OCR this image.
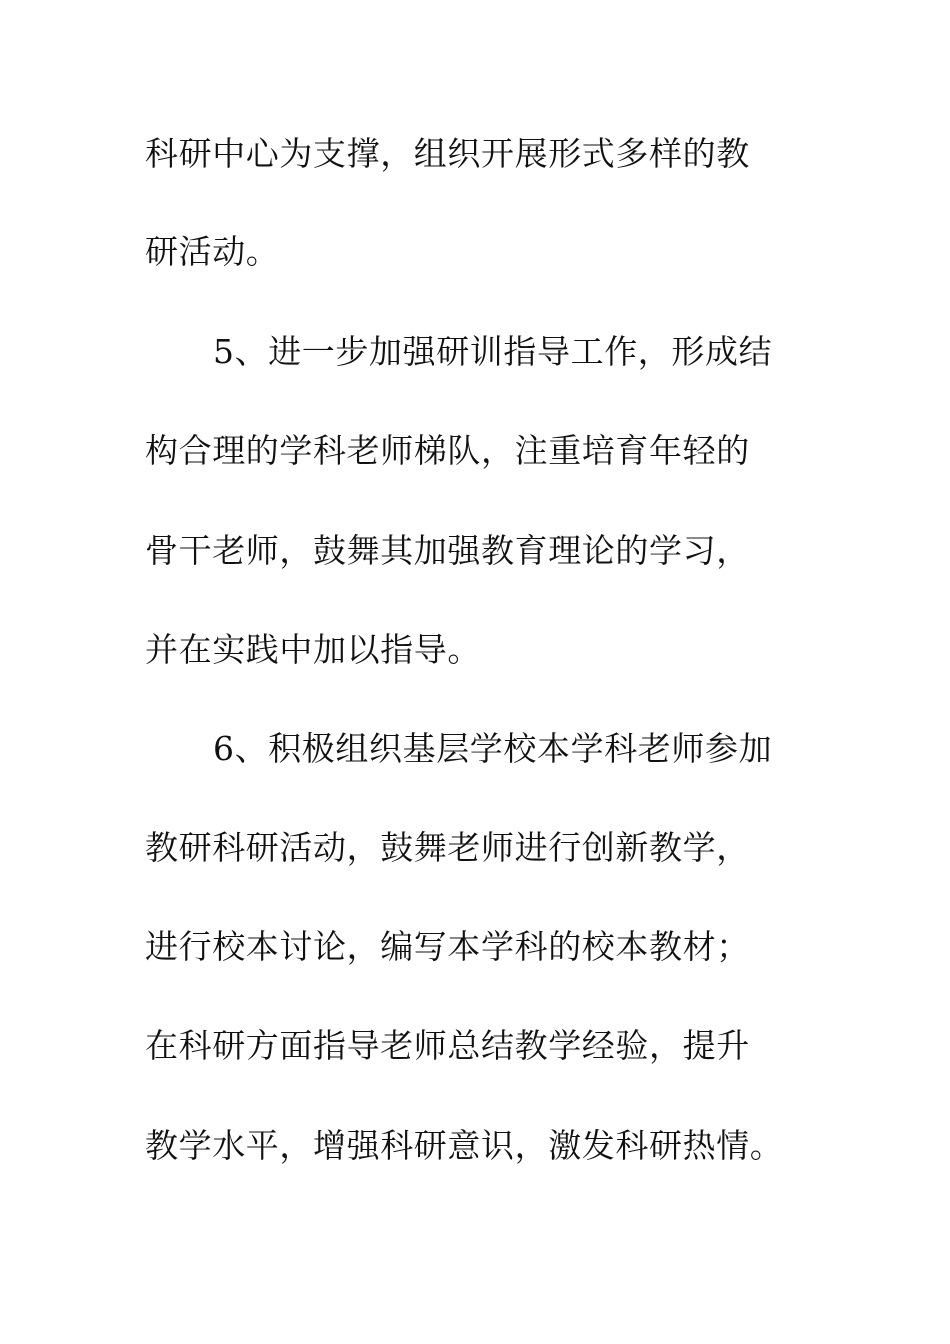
科研中心为支撑，组织开展形式多样的教
研活动。
5、进一步加强研训指导工作，形成结
构合理的学科老师梯队，注重培育年轻的
骨干老师，鼓舞其加强教育理论的学习，
并在实践中加以指导。
6、积极组织基层学校本学科老师参加
教研科研活动，鼓舞老师进行创新教学，
进行校本讨论，编写本学科的校本教材；
在科研方面指导老师总结教学经验，提升
教学水平，增强科研意识，激发科研热情。
